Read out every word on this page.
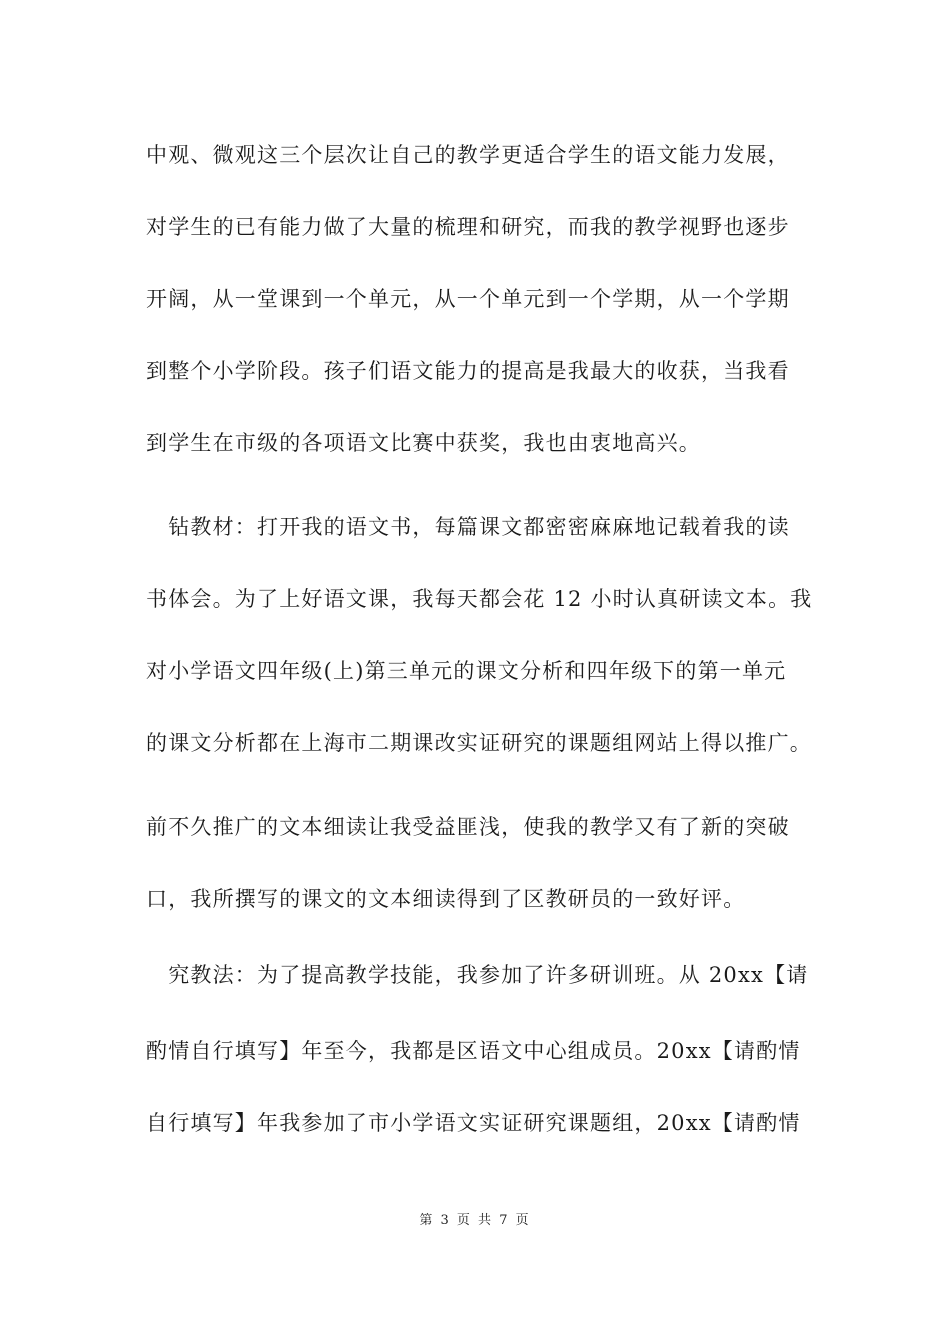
中观、微观这三个层次让自己的教学更适合学生的语文能力发展，
对学生的已有能力做了大量的梳理和研究，而我的教学视野也逐步
开阔，从一堂课到一个单元，从一个单元到一个学期，从一个学期
到整个小学阶段。孩子们语文能力的提高是我最大的收获，当我看
到学生在市级的各项语文比赛中获奖，我也由衷地高兴。
　钻教材：打开我的语文书，每篇课文都密密麻麻地记载着我的读
书体会。为了上好语文课，我每天都会花 12 小时认真研读文本。我
对小学语文四年级(上)第三单元的课文分析和四年级下的第一单元
的课文分析都在上海市二期课改实证研究的课题组网站上得以推广。
前不久推广的文本细读让我受益匪浅，使我的教学又有了新的突破
口，我所撰写的课文的文本细读得到了区教研员的一致好评。
　究教法：为了提高教学技能，我参加了许多研训班。从 20xx【请
酌情自行填写】年至今，我都是区语文中心组成员。20xx【请酌情
自行填写】年我参加了市小学语文实证研究课题组，20xx【请酌情
第 3 页 共 7 页
